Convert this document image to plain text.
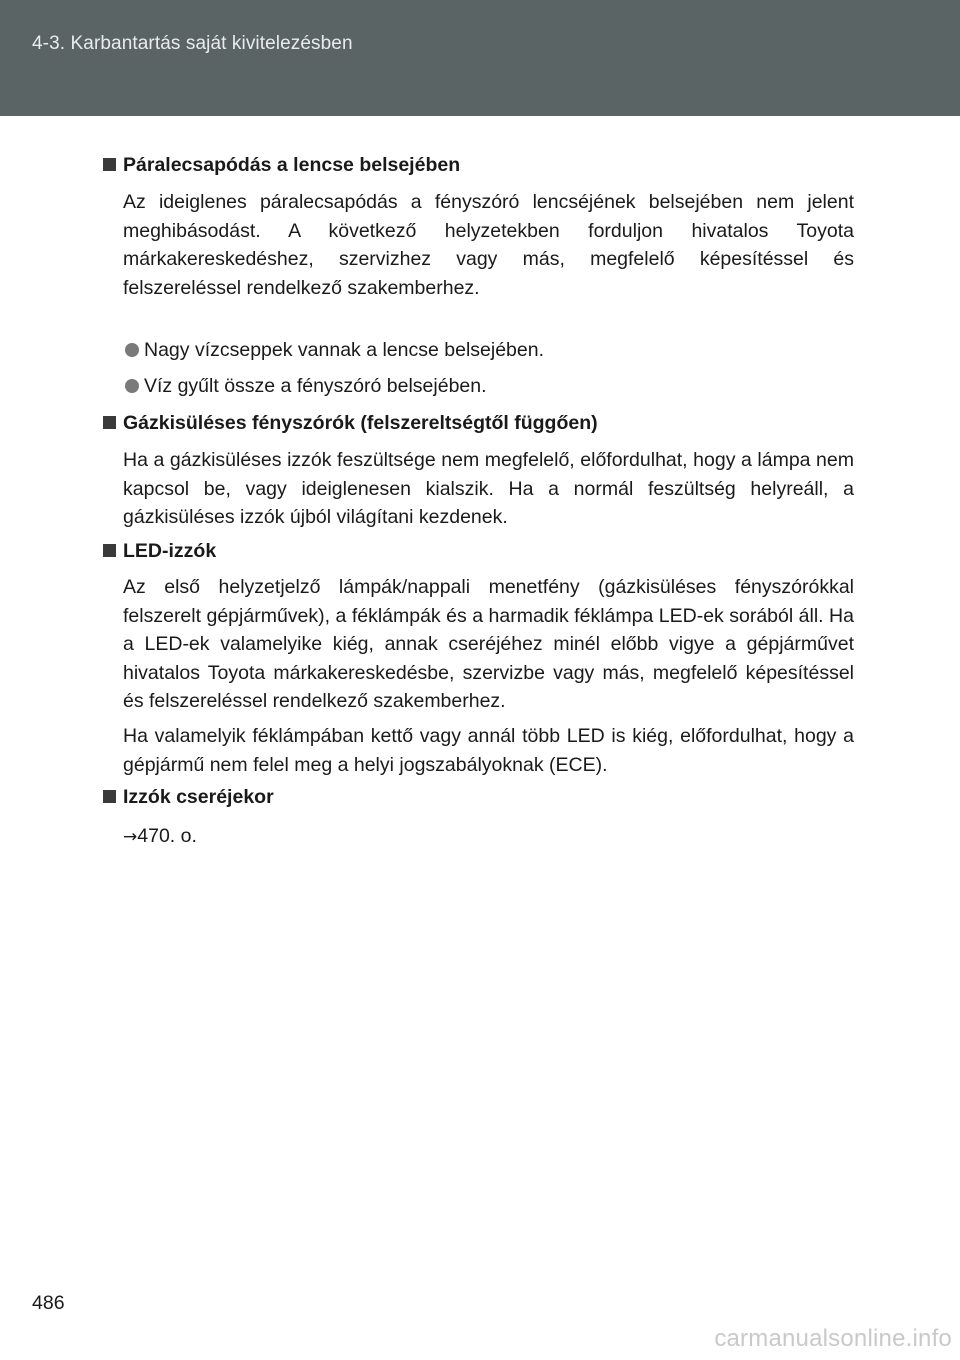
4-3. Karbantartás saját kivitelezésben
Páralecsapódás a lencse belsejében
Az ideiglenes páralecsapódás a fényszóró lencséjének belsejében nem jelent meghibásodást. A következő helyzetekben forduljon hivatalos Toyota márkakereskedéshez, szervizhez vagy más, megfelelő képesítéssel és felszereléssel rendelkező szakemberhez.
Nagy vízcseppek vannak a lencse belsejében.
Víz gyűlt össze a fényszóró belsejében.
Gázkisüléses fényszórók (felszereltségtől függően)
Ha a gázkisüléses izzók feszültsége nem megfelelő, előfordulhat, hogy a lámpa nem kapcsol be, vagy ideiglenesen kialszik. Ha a normál feszültség helyreáll, a gázkisüléses izzók újból világítani kezdenek.
LED-izzók
Az első helyzetjelző lámpák/nappali menetfény (gázkisüléses fényszórókkal felszerelt gépjárművek), a féklámpák és a harmadik féklámpa LED-ek sorából áll. Ha a LED-ek valamelyike kiég, annak cseréjéhez minél előbb vigye a gépjárművet hivatalos Toyota márkakereskedésbe, szervizbe vagy más, megfelelő képesítéssel és felszereléssel rendelkező szakemberhez.
Ha valamelyik féklámpában kettő vagy annál több LED is kiég, előfordulhat, hogy a gépjármű nem felel meg a helyi jogszabályoknak (ECE).
Izzók cseréjekor
→470. o.
486
carmanualsonline.info
